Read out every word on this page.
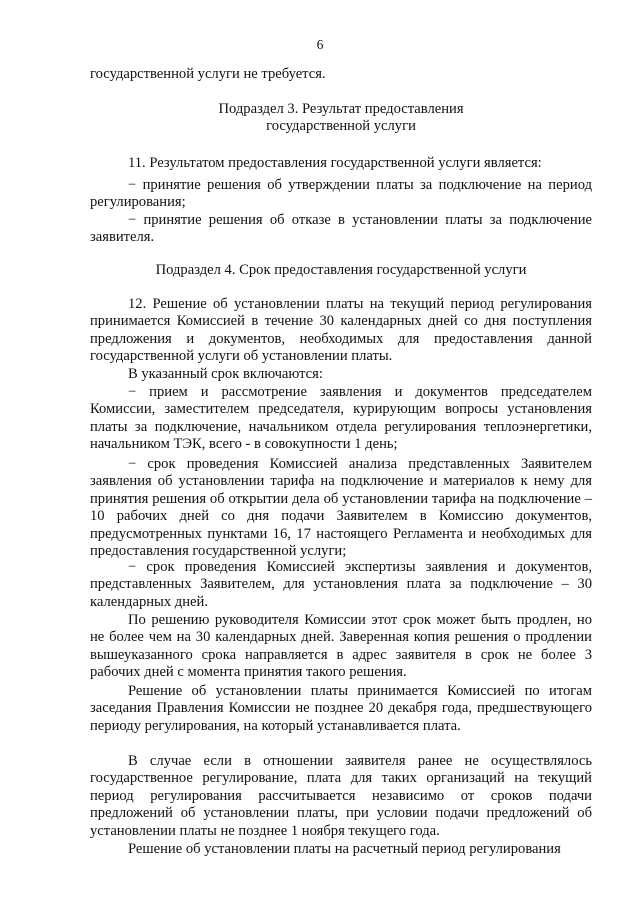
6

государственной услуги не требуется.

Подраздел 3. Результат предоставления

государственной услуги

11. Результатом предоставления государственной услуги является:

− принятие решения об утверждении платы за подключение на период регулирования;

− принятие решения об отказе в установлении платы за подключение заявителя.

Подраздел 4. Срок предоставления государственной услуги

12. Решение об установлении платы на текущий период регулирования принимается Комиссией в течение 30 календарных дней со дня поступления предложения и документов, необходимых для предоставления данной государственной услуги об установлении платы.

В указанный срок включаются:

− прием и рассмотрение заявления и документов председателем Комиссии, заместителем председателя, курирующим вопросы установления платы за подключение, начальником отдела регулирования теплоэнергетики, начальником ТЭК, всего - в совокупности 1 день;

− срок проведения Комиссией анализа представленных Заявителем заявления об установлении тарифа на подключение и материалов к нему для принятия решения об открытии дела об установлении тарифа на подключение – 10 рабочих дней со дня подачи Заявителем в Комиссию документов, предусмотренных пунктами 16, 17 настоящего Регламента и необходимых для предоставления государственной услуги;

− срок проведения Комиссией экспертизы заявления и документов, представленных Заявителем, для установления плата за подключение – 30 календарных дней.

По решению руководителя Комиссии этот срок может быть продлен, но не более чем на 30 календарных дней. Заверенная копия решения о продлении вышеуказанного срока направляется в адрес заявителя в срок не более 3 рабочих дней с момента принятия такого решения.

Решение об установлении платы принимается Комиссией по итогам заседания Правления Комиссии не позднее 20 декабря года, предшествующего периоду регулирования, на который устанавливается плата.

В случае если в отношении заявителя ранее не осуществлялось государственное регулирование, плата для таких организаций на текущий период регулирования рассчитывается независимо от сроков подачи предложений об установлении платы, при условии подачи предложений об установлении платы не позднее 1 ноября текущего года.

Решение об установлении платы на расчетный период регулирования
